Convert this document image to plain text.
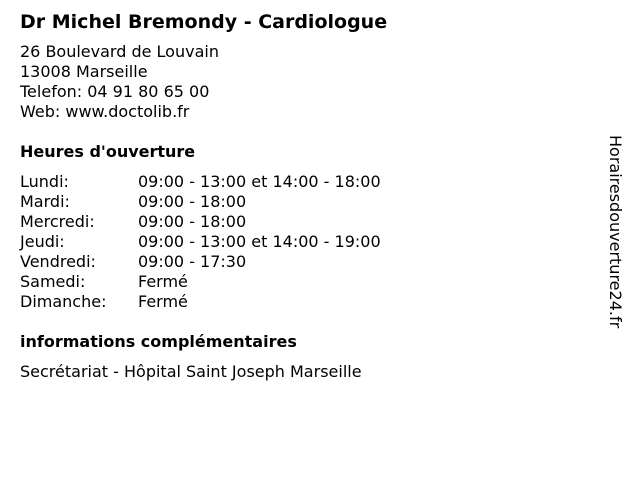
Dr Michel Bremondy - Cardiologue

26 Boulevard de Louvain

13008 Marseille

Telefon: 04 91 80 65 00

Web: www.doctolib.fr

Heures d'ouverture
Lundi:	09:00 - 13:00 et 14:00 - 18:00
Mardi:	09:00 - 18:00
Mercredi:	09:00 - 18:00
Jeudi:	09:00 - 13:00 et 14:00 - 19:00
Vendredi:	09:00 - 17:30
Samedi:	Fermé
Dimanche:	Fermé
informations complémentaires

Secrétariat - Hôpital Saint Joseph Marseille

Horairesdouverture24.fr
